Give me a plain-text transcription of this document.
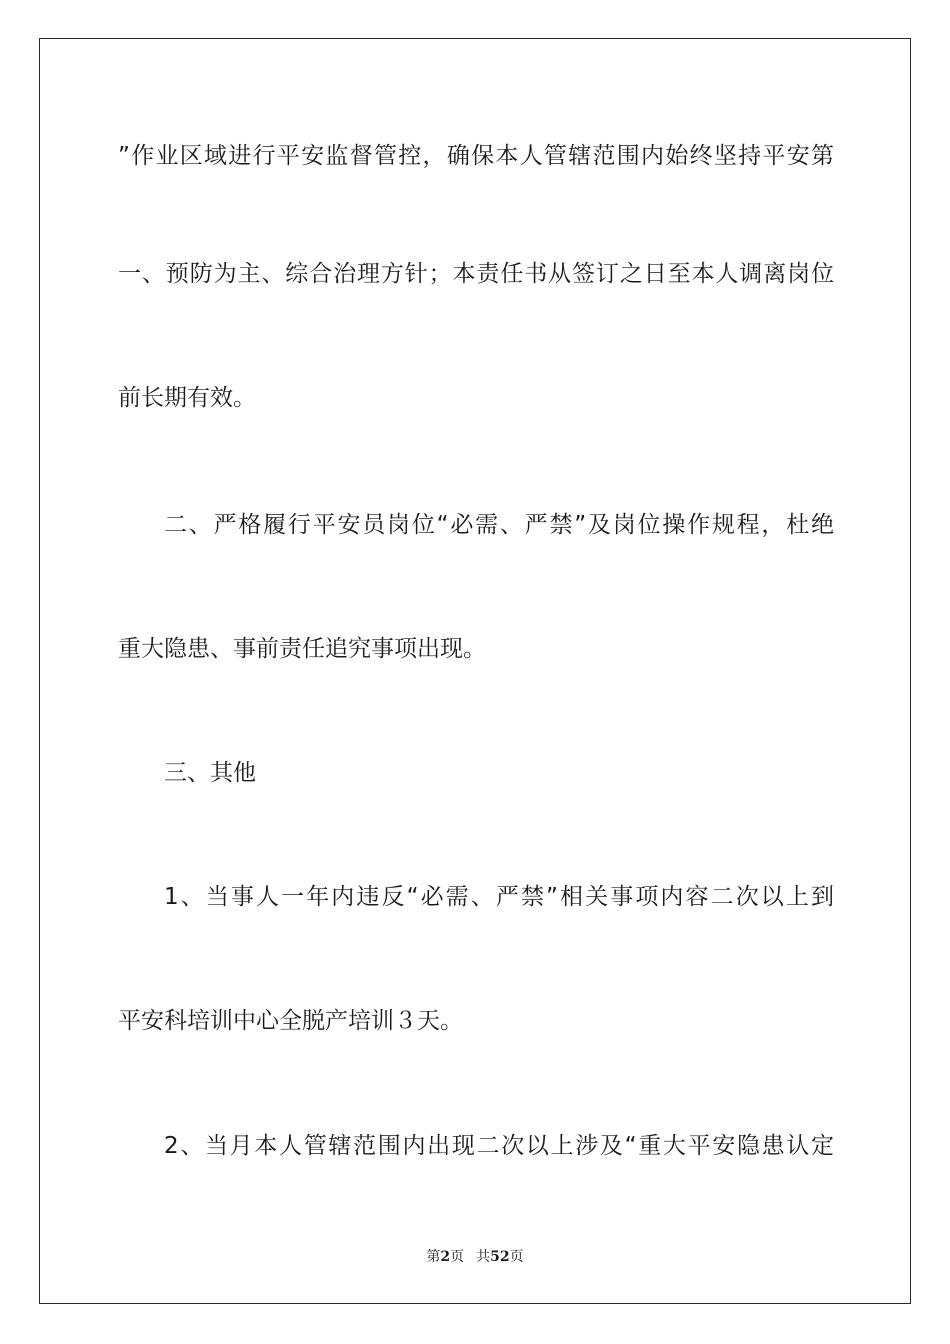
”作业区域进行平安监督管控，确保本人管辖范围内始终坚持平安第
一、预防为主、综合治理方针；本责任书从签订之日至本人调离岗位
前长期有效。
二、严格履行平安员岗位“必需、严禁”及岗位操作规程，杜绝
重大隐患、事前责任追究事项出现。
三、其他
1、当事人一年内违反“必需、严禁”相关事项内容二次以上到
平安科培训中心全脱产培训３天。
2、当月本人管辖范围内出现二次以上涉及“重大平安隐患认定
第2页 共52页
